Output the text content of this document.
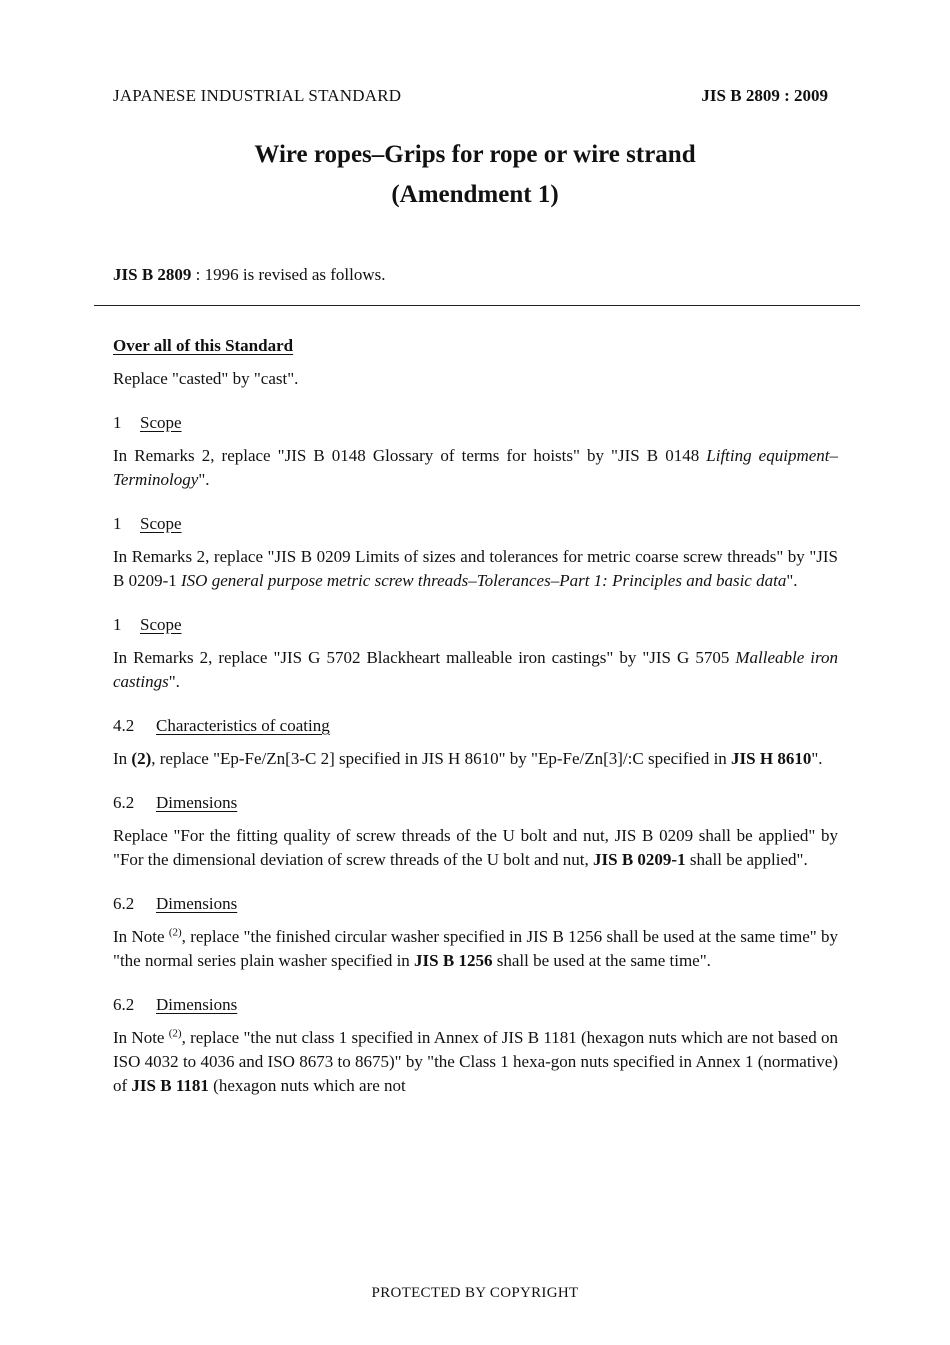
JAPANESE INDUSTRIAL STANDARD	JIS B 2809 : 2009
Wire ropes–Grips for rope or wire strand
(Amendment 1)
JIS B 2809 : 1996 is revised as follows.
Over all of this Standard

Replace "casted" by "cast".

1 Scope

In Remarks 2, replace "JIS B 0148 Glossary of terms for hoists" by "JIS B 0148 Lifting equipment–Terminology".

1 Scope

In Remarks 2, replace "JIS B 0209 Limits of sizes and tolerances for metric coarse screw threads" by "JIS B 0209-1 ISO general purpose metric screw threads–Tolerances–Part 1: Principles and basic data".

1 Scope

In Remarks 2, replace "JIS G 5702 Blackheart malleable iron castings" by "JIS G 5705 Malleable iron castings".

4.2 Characteristics of coating

In (2), replace "Ep-Fe/Zn[3-C 2] specified in JIS H 8610" by "Ep-Fe/Zn[3]/:C specified in JIS H 8610".

6.2 Dimensions

Replace "For the fitting quality of screw threads of the U bolt and nut, JIS B 0209 shall be applied" by "For the dimensional deviation of screw threads of the U bolt and nut, JIS B 0209-1 shall be applied".

6.2 Dimensions

In Note $^{(2)}$, replace "the finished circular washer specified in JIS B 1256 shall be used at the same time" by "the normal series plain washer specified in JIS B 1256 shall be used at the same time".

6.2 Dimensions

In Note $^{(2)}$, replace "the nut class 1 specified in Annex of JIS B 1181 (hexagon nuts which are not based on ISO 4032 to 4036 and ISO 8673 to 8675)" by "the Class 1 hexa-gon nuts specified in Annex 1 (normative) of JIS B 1181 (hexagon nuts which are not

PROTECTED BY COPYRIGHT
